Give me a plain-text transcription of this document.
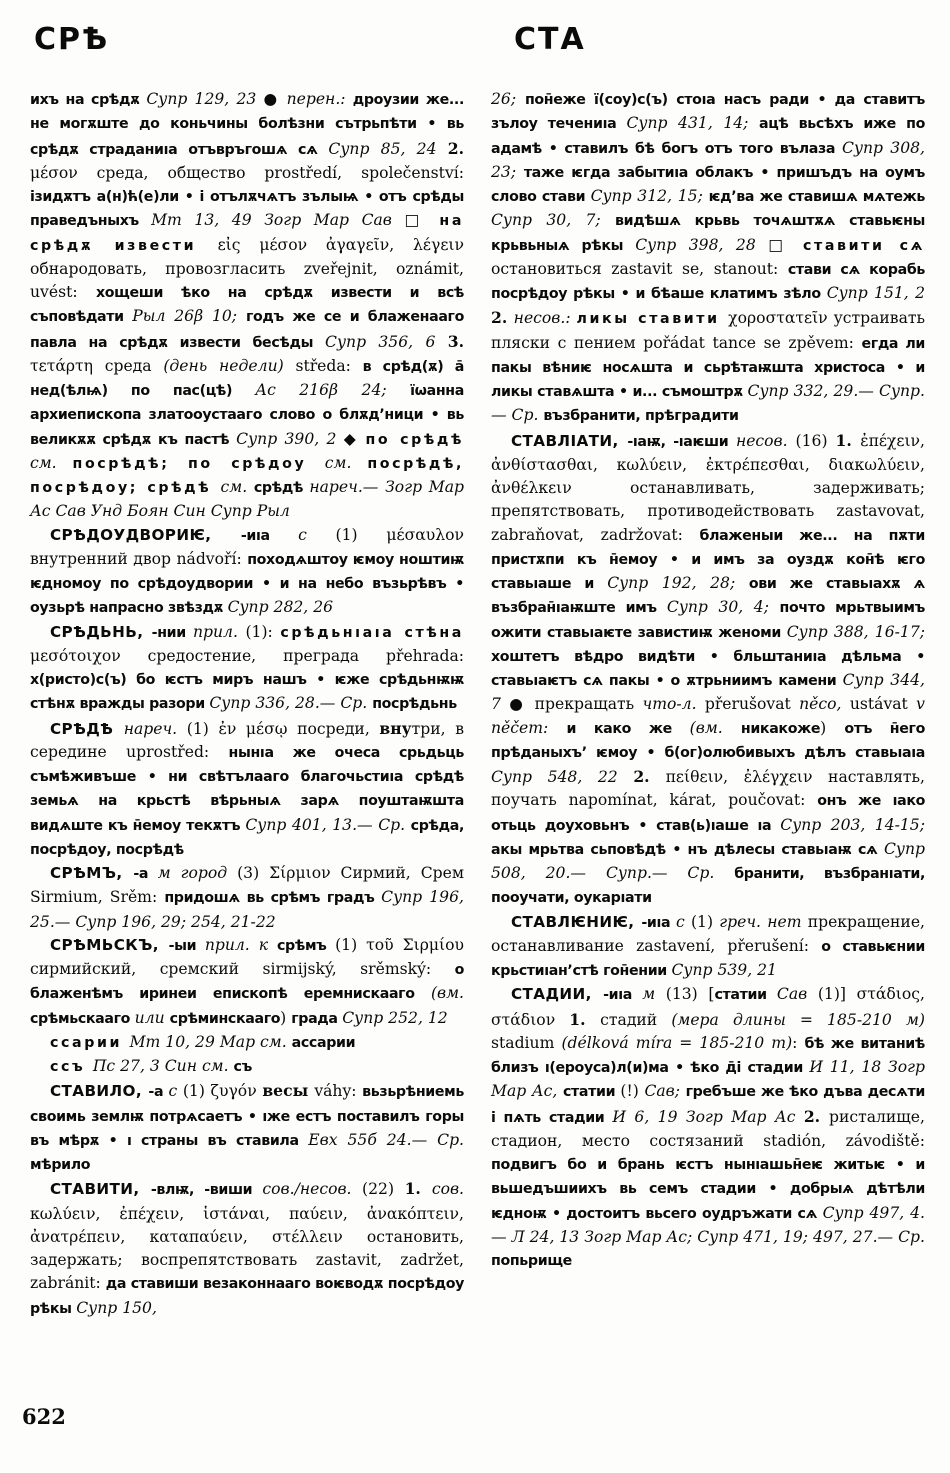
СРѢ	СТА

ихъ на срѣдѫ Супр 129, 23 ● перен.: дроузии же... не могѫште до коньчины болѣзни сътрьпѣти • вь срѣдѫ страданиıа отъвръгошѧ сѧ Супр 85, 24 2. μέσον среда, общество prostředí, společenství: ізидѫтъ а(н)ћ(е)ли • і отълѫчѧтъ зълыѩ • отъ срѣды праведъныхъ Мт 13, 49 Зогр Мар Сав □ на срѣдѫ извести εἰς μέσον ἀγαγεῖν, λέγειν обнародовать, провозгласить zveřejnit, oznámit, uvést: хощеши ѣко на срѣдѫ извести и всѣ съповѣдати Рыл 26β 10; годъ же се и блаженааго павла на срѣдѫ извести бесѣды Супр 356, 6 3. τετάρτη среда (день недели) středa: в срѣд(ѫ) а̄ нед(ѣлѩ) по пас(цѣ) Ас 216β 24; їѡанна архиепископа златооустааго слово о блѫд’ници • вь великѫѫ срѣдѫ къ пастѣ Супр 390, 2 ◆ по срѣдѣ см. посрѣдѣ; по срѣдоу см. посрѣдѣ, посрѣдоу; срѣдѣ см. срѣдѣ нареч.— Зогр Мар Ас Сав Унд Боян Син Супр Рыл

СРѢДОУДВОРИѤ, -иıа с (1) μέσαυλον внутренний двор nádvoří: походѧштоу ѥмоу ноштиѭ ѥдномоу по срѣдоудвории • и на небо възьрѣвъ • оузьрѣ напрасно звѣздѫ Супр 282, 26

СРѢДЬНЬ, -нии прил. (1): срѣдьнıаıа стѣна μεσότοιχον средостение, преграда přehrada: х(ристо)с(ъ) бо ѥстъ миръ нашъ • ѥже срѣдьнѭѭ стѣнѫ вражды разори Супр 336, 28.— Ср. посрѣдьнь

СРѢДѢ нареч. (1) ἐν μέσῳ посреди, внутри, в середине uprostřed: нынıа же очеса срьдьць съмѣживъше • ни свѣтълааго благочьстиıа срѣдѣ земьѧ на крьстѣ вѣрьныѧ зарѧ поуштаѭшта видѧште къ н̄емоу текѫтъ Супр 401, 13.— Ср. срѣда, посрѣдоу, посрѣдѣ

СРѢМЪ, -а м город (3) Σίρμιον Сирмий, Срем Sirmium, Srěm: придошѧ вь срѣмъ градъ Супр 196, 25.— Супр 196, 29; 254, 21-22

СРѢМЬСКЪ, -ыи прил. к срѣмъ (1) τοῦ Σιρμίου сирмийский, сремский sirmijský, srěmský: о блаженѣмъ иринеи епископѣ еремнискааго (вм. срѣмьскааго или срѣминскааго) града Супр 252, 12

ссарии Мт 10, 29 Мар см. ассарии

ссъ Пс 27, 3 Син см. съ

СТАВИЛО, -а с (1) ζυγόν весы váhy: вьзьрѣниемь своимь землѭ потрѧсаетъ • ıже естъ поставилъ горы въ мѣрѫ • ı страны въ ставила Евх 55б 24.— Ср. мѣрило

СТАВИТИ, -влѭ, -виши сов./несов. (22) 1. сов. κωλύειν, ἐπέχειν, ἱστάναι, παύειν, ἀνακόπτειν, ἀνατρέπειν, καταπαύειν, στέλλειν остановить, задержать; воспрепятствовать zastavit, zadržet, zabránit: да ставиши везаконнааго воѥводѫ посрѣдоу рѣкы Супр 150,

26; пон̄еже ї(соу)с(ъ) стоıа насъ ради • да ставитъ зълоу течениıа Супр 431, 14; ацѣ вьсѣхъ иже по адамѣ • ставилъ бѣ богъ отъ того вълаза Супр 308, 23; таже ѥгда забытиıа облакъ • пришъдъ на оумъ слово стави Супр 312, 15; ѥд’ва же ставишѧ мѧтежь Супр 30, 7; видѣшѧ крьвь точѧштѫѧ ставьѥны крьвьныѧ рѣкы Супр 398, 28 □ ставити сѧ остановиться zastavit se, stanout: стави сѧ корабь посрѣдоу рѣкы • и бѣаше клатимъ зѣло Супр 151, 2 2. несов.: ликы ставити χοροστατεῖν устраивать пляски с пением pořádat tance se zpěvem: егда ли пакы вѣниѥ носѧшта и сьрѣтаѭшта христоса • и ликы ставѧшта • и... съмоштрѫ Супр 332, 29.— Супр.— Ср. възбранити, прѣградити

СТАВЛІАТИ, -ıаѭ, -ıаѥши несов. (16) 1. ἐπέχειν, ἀνθίστασθαι, κωλύειν, ἐκτρέπεσθαι, διακωλύειν, ἀνθέλκειν останавливать, задерживать; препятствовать, противодействовать zastavovat, zabraňovat, zadržovat: блаженыи же... на пѫти пристѫпи къ н̄емоу • и имъ за оуздѫ кон̄ѣ ѥго ставьıаше и Супр 192, 28; ови же ставьıахѫ ѧ възбран̄ıаѭште имъ Супр 30, 4; почто мрьтвыимъ ожити ставьıаѥте завистиѭ женоми Супр 388, 16-17; хоштетъ вѣдро видѣти • бльштаниıа дѣльма • ставьıаѥтъ сѧ пакы • о ѫтрьниимъ камени Супр 344, 7 ● прекращать что-л. přerušovat něco, ustávat v něčem: и како же (вм. никакоже) отъ н̄его прѣданыхъ’ ѥмоу • б(ог)олюбивыхъ дѣлъ ставьıаıа Супр 548, 22 2. πείθειν, ἐλέγχειν наставлять, поучать napomínat, kárat, poučovat: онъ же ıако отьць доуховьнъ • став(ь)ıаше ıа Супр 203, 14-15; акы мрьтва сьповѣдѣ • нъ дѣлесы ставьıаѭ сѧ Супр 508, 20.— Супр.— Ср. бранити, възбранıати, пооучати, оукарıати

СТАВЛѤНИѤ, -иıа с (1) греч. нет прекращение, останавливание zastavení, přerušení: о ставьѥнии крьстиıан’стѣ гон̄ении Супр 539, 21

СТАДИИ, -иıа м (13) [статии Сав (1)] στάδιος, στάδιον 1. стадий (мера длины = 185-210 м) stadium (délková míra = 185-210 m): бѣ же витаниѣ близъ ı(ероуса)л(и)ма • ѣко д̄і стадии И 11, 18 Зогр Мар Ас, статии (!) Сав; гребъше же ѣко дъва десѧти і пѧть стадии И 6, 19 Зогр Мар Ас 2. ристалище, стадион, место состязаний stadión, závodiště: подвигъ бо и брань ѥстъ нынıашьн̄еѥ житьѥ • и вьшедъшиихъ вь семъ стадии • добрыѧ дѣтѣли ѥдноѭ • достоитъ вьсего оудръжати сѧ Супр 497, 4.— Л 24, 13 Зогр Мар Ас; Супр 471, 19; 497, 27.— Ср. попьрище

622
